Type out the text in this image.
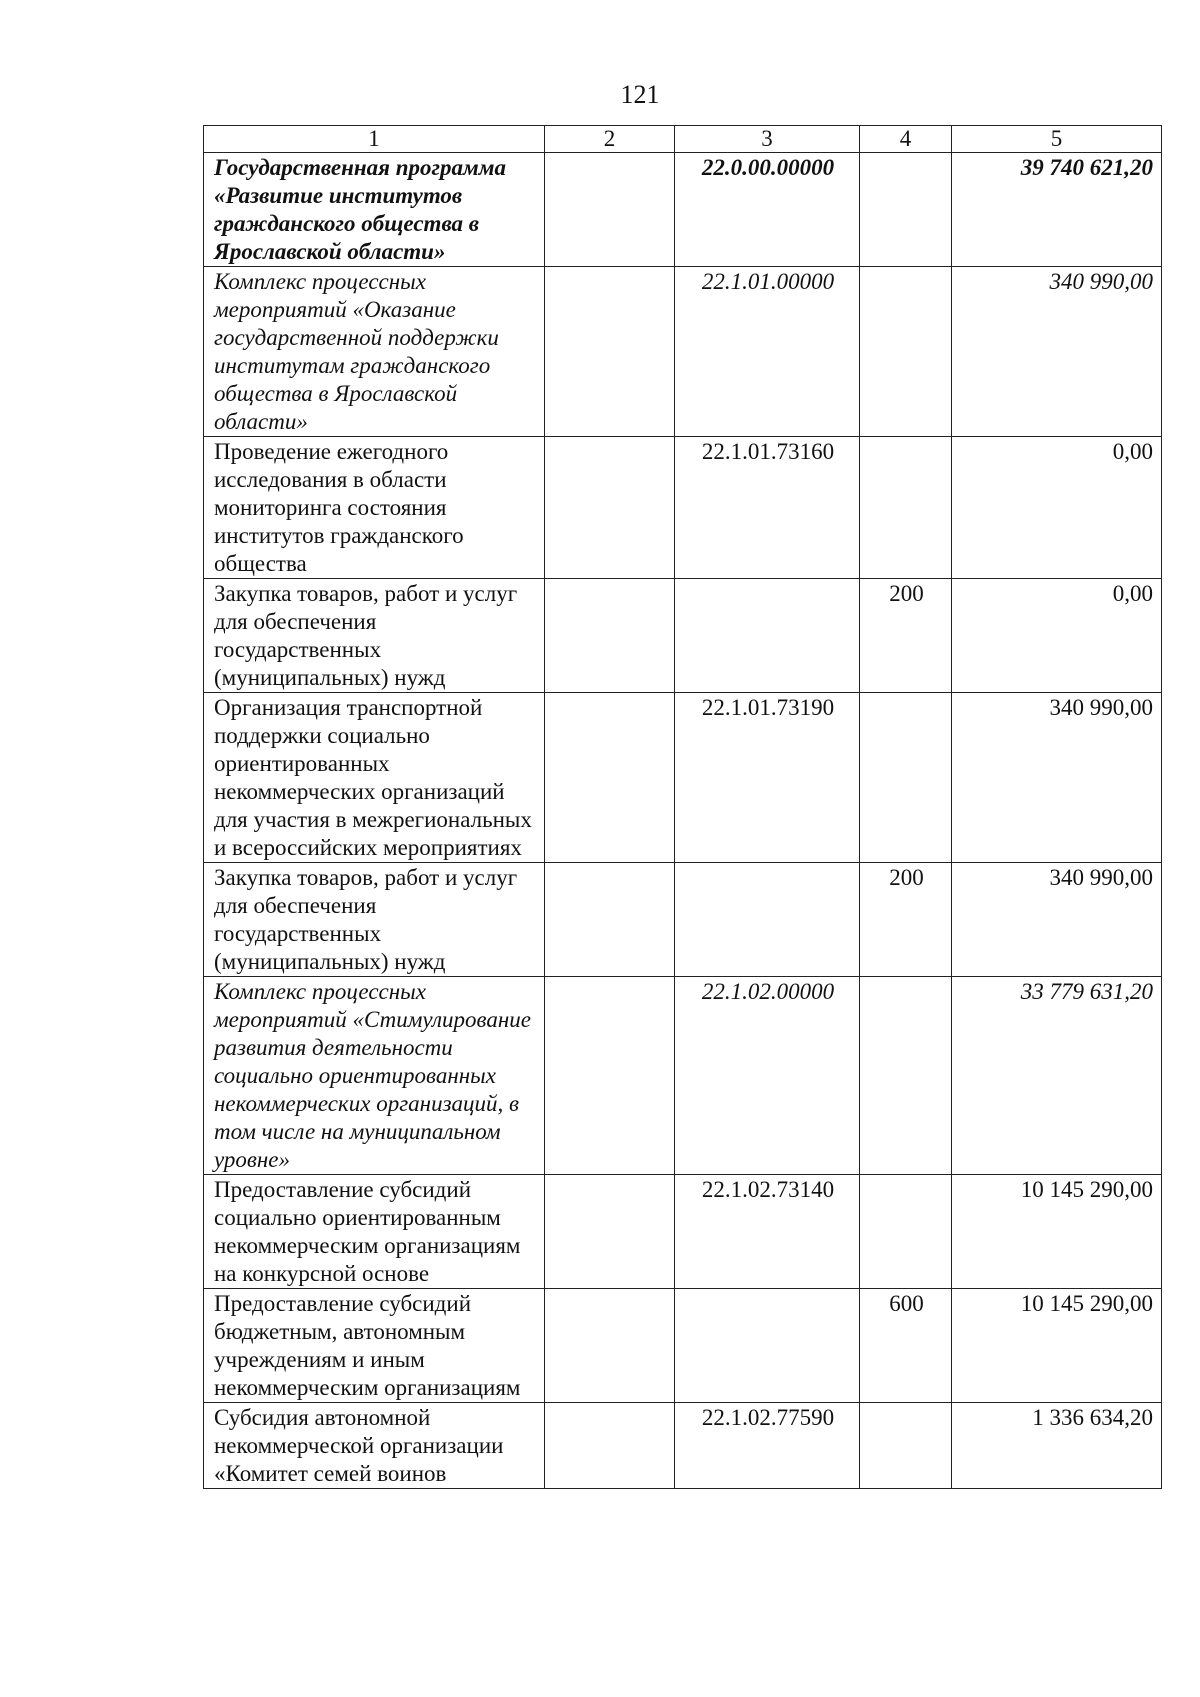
121
1	2	3	4	5
Государственная программа «Развитие институтов гражданского общества в Ярославской области»		22.0.00.00000		39 740 621,20
Комплекс процессных мероприятий «Оказание государственной поддержки институтам гражданского общества в Ярославской области»		22.1.01.00000		340 990,00
Проведение ежегодного исследования в области мониторинга состояния институтов гражданского общества		22.1.01.73160		0,00
Закупка товаров, работ и услуг для обеспечения государственных (муниципальных) нужд			200	0,00
Организация транспортной поддержки социально ориентированных некоммерческих организаций для участия в межрегиональных и всероссийских мероприятиях		22.1.01.73190		340 990,00
Закупка товаров, работ и услуг для обеспечения государственных (муниципальных) нужд			200	340 990,00
Комплекс процессных мероприятий «Стимулирование развития деятельности социально ориентированных некоммерческих организаций, в том числе на муниципальном уровне»		22.1.02.00000		33 779 631,20
Предоставление субсидий социально ориентированным некоммерческим организациям на конкурсной основе		22.1.02.73140		10 145 290,00
Предоставление субсидий бюджетным, автономным учреждениям и иным некоммерческим организациям			600	10 145 290,00
Субсидия автономной некоммерческой организации «Комитет семей воинов		22.1.02.77590		1 336 634,20
